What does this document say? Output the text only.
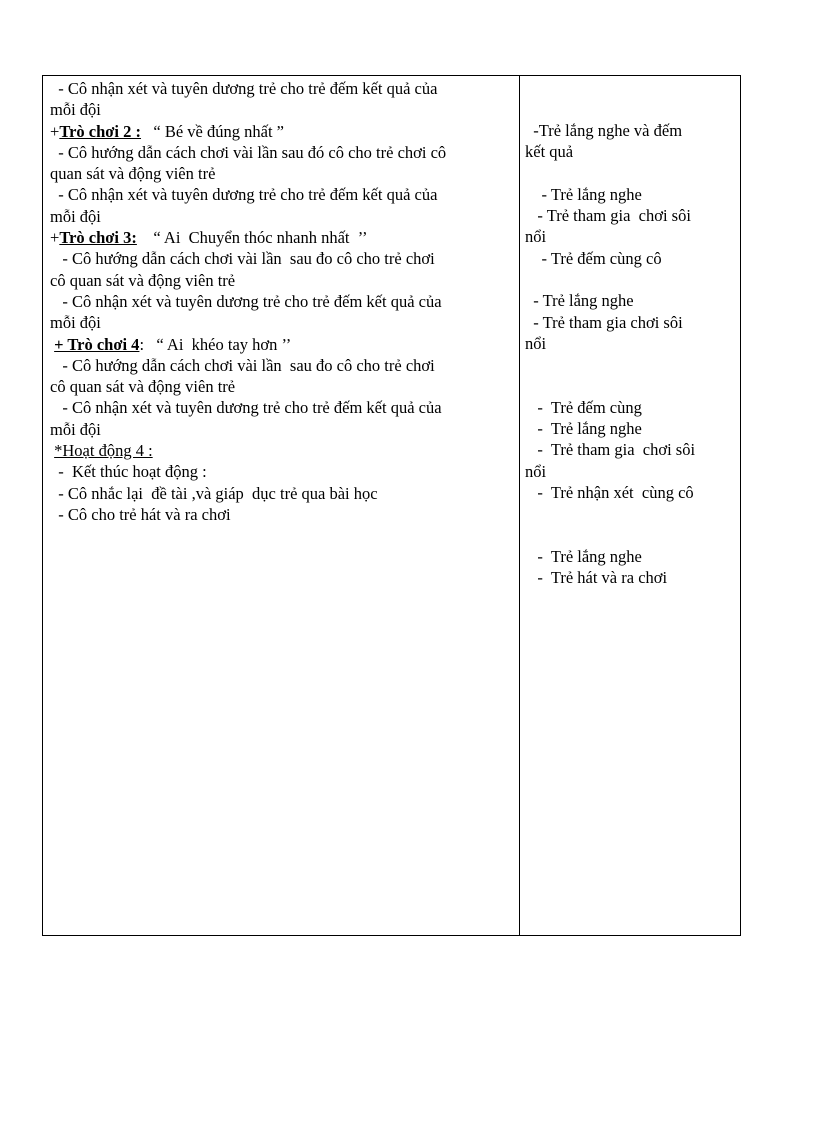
- Cô nhận xét và tuyên dương trẻ cho trẻ đếm kết quả của
mỗi đội
+Trò chơi 2 :   “ Bé về đúng nhất ”
- Cô hướng dẫn cách chơi vài lần sau đó cô cho trẻ chơi cô
quan sát và động viên trẻ
- Cô nhận xét và tuyên dương trẻ cho trẻ đếm kết quả của
mỗi đội
+Trò chơi 3:    “ Ai  Chuyển thóc nhanh nhất  ’’
- Cô hướng dẫn cách chơi vài lần  sau đo cô cho trẻ chơi
cô quan sát và động viên trẻ
- Cô nhận xét và tuyên dương trẻ cho trẻ đếm kết quả của
mỗi đội
+ Trò chơi 4:   “ Ai  khéo tay hơn ’’
- Cô hướng dẫn cách chơi vài lần  sau đo cô cho trẻ chơi
cô quan sát và động viên trẻ
- Cô nhận xét và tuyên dương trẻ cho trẻ đếm kết quả của
mỗi đội
*Hoạt động 4 :
-  Kết thúc hoạt động :
- Cô nhắc lại  đề tài ,và giáp  dục trẻ qua bài học
- Cô cho trẻ hát và ra chơi
-Trẻ lắng nghe và đếm
kết quả
- Trẻ lắng nghe
- Trẻ tham gia  chơi sôi
nổi
- Trẻ đếm cùng cô
- Trẻ lắng nghe
- Trẻ tham gia chơi sôi
nổi
-  Trẻ đếm cùng
-  Trẻ lắng nghe
-  Trẻ tham gia  chơi sôi
nổi
-  Trẻ nhận xét  cùng cô
-  Trẻ lắng nghe
-  Trẻ hát và ra chơi
